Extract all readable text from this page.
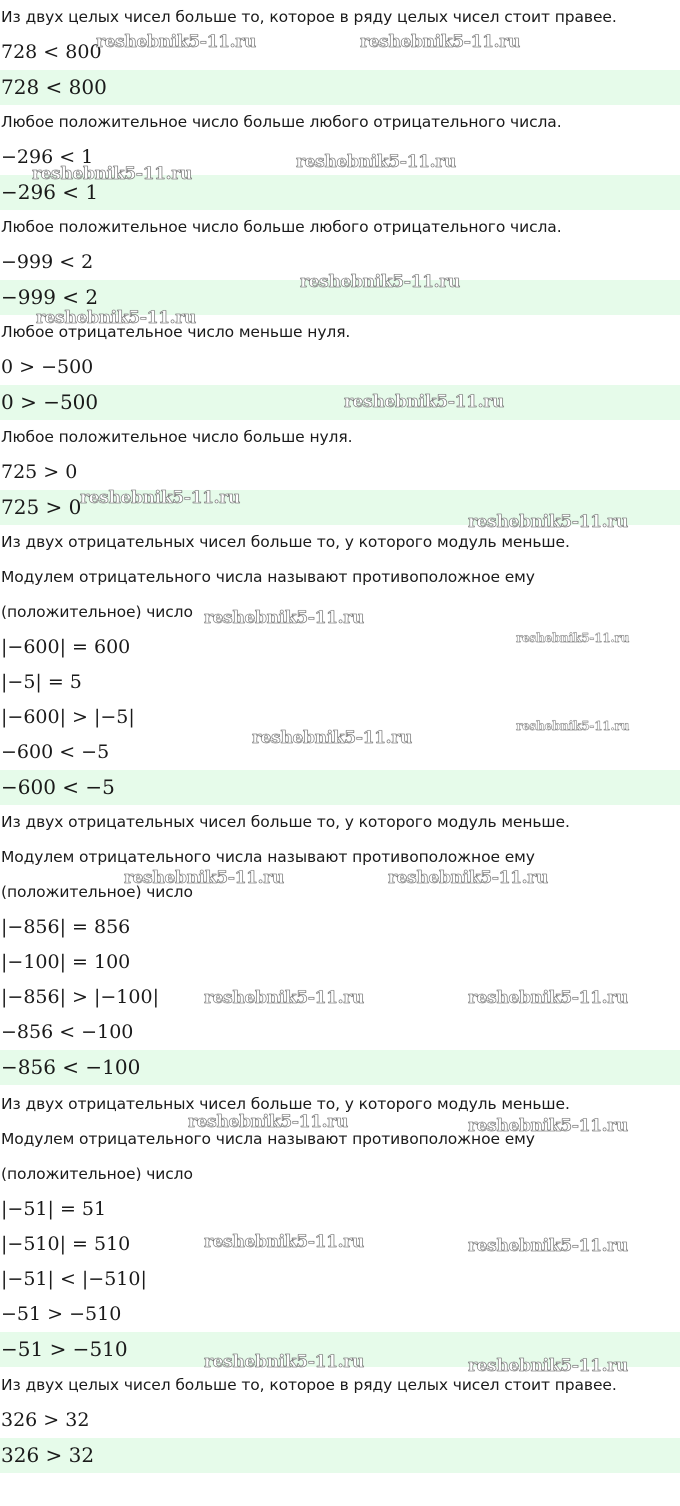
Из двух целых чисел больше то, которое в ряду целых чисел стоит правее.
728 < 800
728 < 800
Любое положительное число больше любого отрицательного числа.
−296 < 1
−296 < 1
Любое положительное число больше любого отрицательного числа.
−999 < 2
−999 < 2
Любое отрицательное число меньше нуля.
0 > −500
0 > −500
Любое положительное число больше нуля.
725 > 0
725 > 0
Из двух отрицательных чисел больше то, у которого модуль меньше.
Модулем отрицательного числа называют противоположное ему
(положительное) число
|−600| = 600
|−5| = 5
|−600| > |−5|
−600 < −5
−600 < −5
Из двух отрицательных чисел больше то, у которого модуль меньше.
Модулем отрицательного числа называют противоположное ему
(положительное) число
|−856| = 856
|−100| = 100
|−856| > |−100|
−856 < −100
−856 < −100
Из двух отрицательных чисел больше то, у которого модуль меньше.
Модулем отрицательного числа называют противоположное ему
(положительное) число
|−51| = 51
|−510| = 510
|−51| < |−510|
−51 > −510
−51 > −510
Из двух целых чисел больше то, которое в ряду целых чисел стоит правее.
326 > 32
326 > 32
reshebnik5-11.ru	reshebnik5-11.ru
reshebnik5-11.ru
reshebnik5-11.ru
reshebnik5-11.ru
reshebnik5-11.ru
reshebnik5-11.ru
reshebnik5-11.ru
reshebnik5-11.ru
reshebnik5-11.ru
reshebnik5-11.ru
reshebnik5-11.ru
reshebnik5-11.ru
reshebnik5-11.ru	reshebnik5-11.ru
reshebnik5-11.ru	reshebnik5-11.ru
reshebnik5-11.ru	reshebnik5-11.ru
reshebnik5-11.ru	reshebnik5-11.ru
reshebnik5-11.ru	reshebnik5-11.ru
